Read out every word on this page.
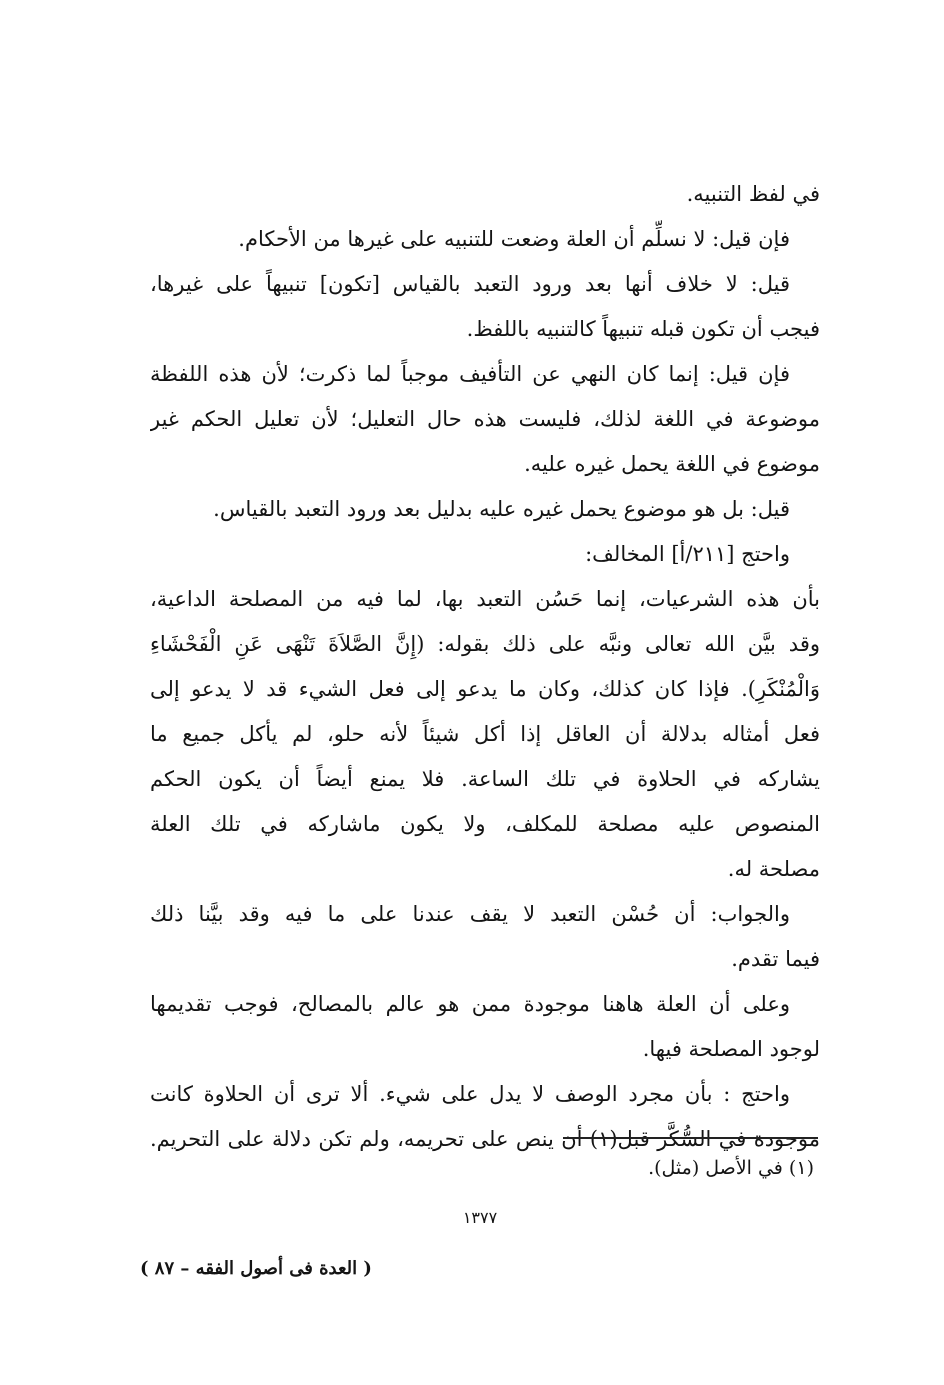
في لفظ التنبيه.
فإن قيل: لا نسلِّم أن العلة وضعت للتنبيه على غيرها من الأحكام.
قيل: لا خلاف أنها بعد ورود التعبد بالقياس [تكون] تنبيهاً على غيرها،
فيجب أن تكون قبله تنبيهاً كالتنبيه باللفظ.
فإن قيل: إنما كان النهي عن التأفيف موجباً لما ذكرت؛ لأن هذه اللفظة
موضوعة في اللغة لذلك، فليست هذه حال التعليل؛ لأن تعليل الحكم غير
موضوع في اللغة يحمل غيره عليه.
قيل: بل هو موضوع يحمل غيره عليه بدليل بعد ورود التعبد بالقياس.
واحتج [٢١١/أ] المخالف:
بأن هذه الشرعيات، إنما حَسُن التعبد بها، لما فيه من المصلحة الداعية،
وقد بيَّن الله تعالى ونبَّه على ذلك بقوله: (إِنَّ الصَّلاَةَ تَنْهَى عَنِ الْفَحْشَاءِ
وَالْمُنْكَرِ). فإذا كان كذلك، وكان ما يدعو إلى فعل الشيء قد لا يدعو إلى
فعل أمثاله بدلالة أن العاقل إذا أكل شيئاً لأنه حلو، لم يأكل جميع ما
يشاركه في الحلاوة في تلك الساعة. فلا يمنع أيضاً أن يكون الحكم
المنصوص عليه مصلحة للمكلف، ولا يكون ماشاركه في تلك العلة
مصلحة له.
والجواب: أن حُسْن التعبد لا يقف عندنا على ما فيه وقد بيَّنا ذلك
فيما تقدم.
وعلى أن العلة هاهنا موجودة ممن هو عالم بالمصالح، فوجب تقديمها
لوجود المصلحة فيها.
واحتج : بأن مجرد الوصف لا يدل على شيء. ألا ترى أن الحلاوة كانت
موجودة في السُّكَّر قبل(١) أن ينص على تحريمه، ولم تكن دلالة على التحريم.
(١) في الأصل (مثل).
١٣٧٧
( العدة فى أصول الفقه – ٨٧ )
